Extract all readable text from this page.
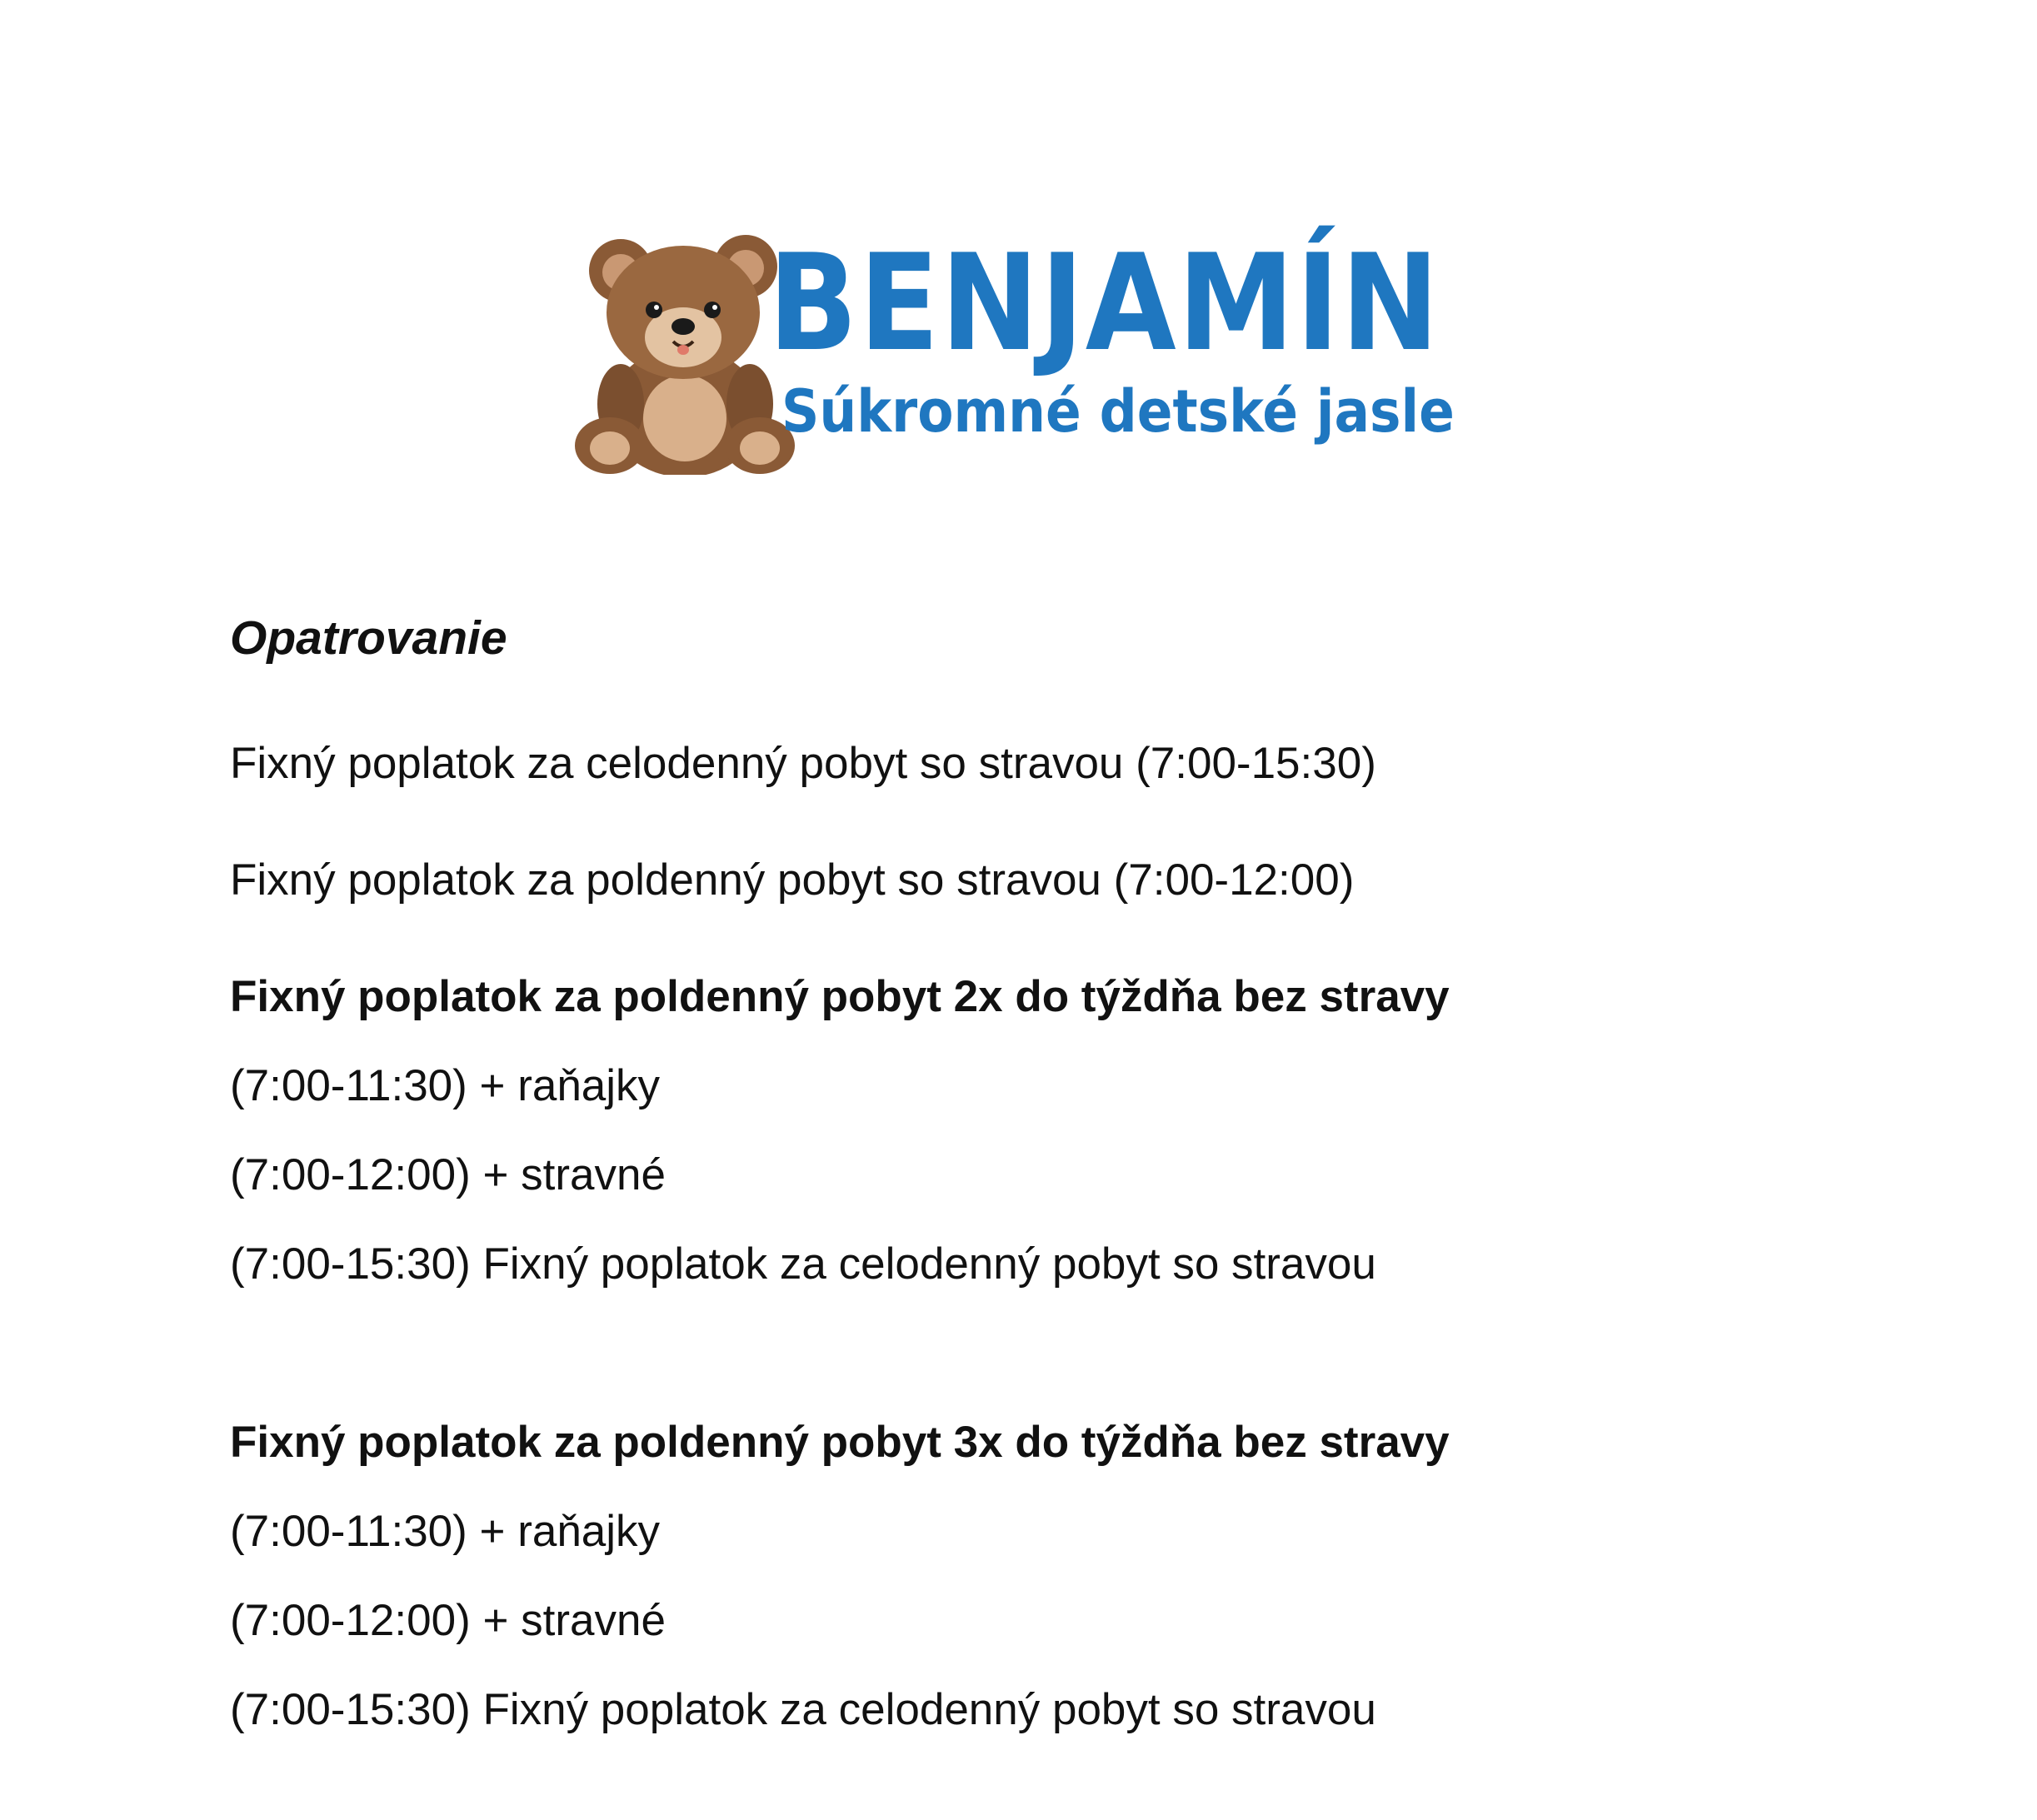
BENJAMÍN
Súkromné detské jasle
Opatrovanie
Fixný poplatok za celodenný pobyt so stravou (7:00-15:30)
Fixný poplatok za poldenný pobyt so stravou (7:00-12:00)
Fixný poplatok za poldenný pobyt 2x do týždňa bez stravy
(7:00-11:30) + raňajky
(7:00-12:00) + stravné
(7:00-15:30) Fixný poplatok za celodenný pobyt so stravou
Fixný poplatok za poldenný pobyt 3x do týždňa bez stravy
(7:00-11:30) + raňajky
(7:00-12:00) + stravné
(7:00-15:30) Fixný poplatok za celodenný pobyt so stravou
